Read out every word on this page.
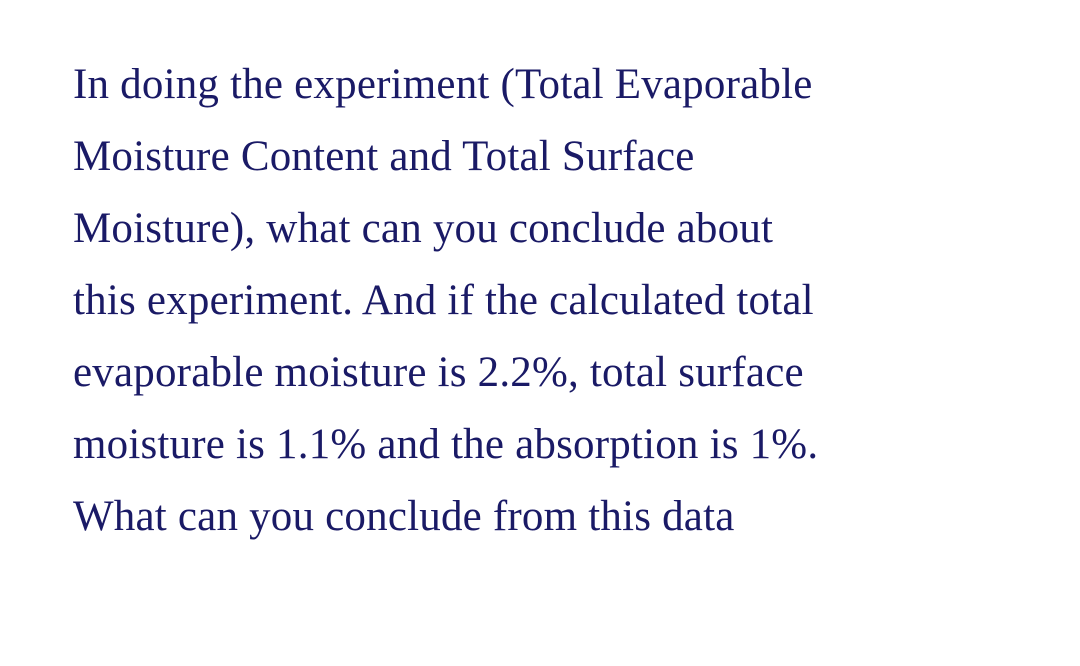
In doing the experiment (Total Evaporable
Moisture Content and Total Surface
Moisture), what can you conclude about
this experiment. And if the calculated total
evaporable moisture is 2.2%, total surface
moisture is 1.1% and the absorption is 1%.
What can you conclude from this data
